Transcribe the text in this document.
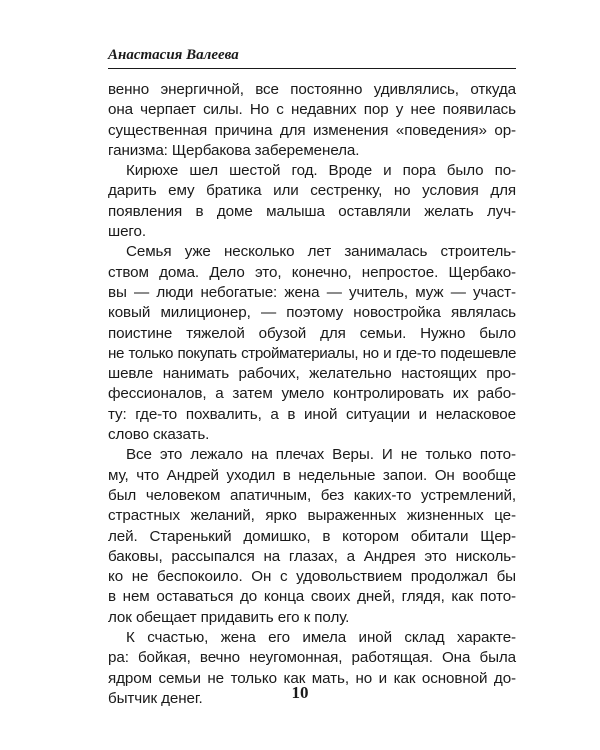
Анастасия Валеева
венно энергичной, все постоянно удивлялись, откуда
она черпает силы. Но с недавних пор у нее появилась
существенная причина для изменения «поведения» ор-
ганизма: Щербакова забеременела.
Кирюхе шел шестой год. Вроде и пора было по-
дарить ему братика или сестренку, но условия для
появления в доме малыша оставляли желать луч-
шего.
Семья уже несколько лет занималась строитель-
ством дома. Дело это, конечно, непростое. Щербако-
вы — люди небогатые: жена — учитель, муж — участ-
ковый милиционер, — поэтому новостройка являлась
поистине тяжелой обузой для семьи. Нужно было
не только покупать стройматериалы, но и где-то подешевле
шевле нанимать рабочих, желательно настоящих про-
фессионалов, а затем умело контролировать их рабо-
ту: где-то похвалить, а в иной ситуации и неласковое
слово сказать.
Все это лежало на плечах Веры. И не только пото-
му, что Андрей уходил в недельные запои. Он вообще
был человеком апатичным, без каких-то устремлений,
страстных желаний, ярко выраженных жизненных це-
лей. Старенький домишко, в котором обитали Щер-
баковы, рассыпался на глазах, а Андрея это нисколь-
ко не беспокоило. Он с удовольствием продолжал бы
в нем оставаться до конца своих дней, глядя, как пото-
лок обещает придавить его к полу.
К счастью, жена его имела иной склад характе-
ра: бойкая, вечно неугомонная, работящая. Она была
ядром семьи не только как мать, но и как основной до-
бытчик денег.	10
